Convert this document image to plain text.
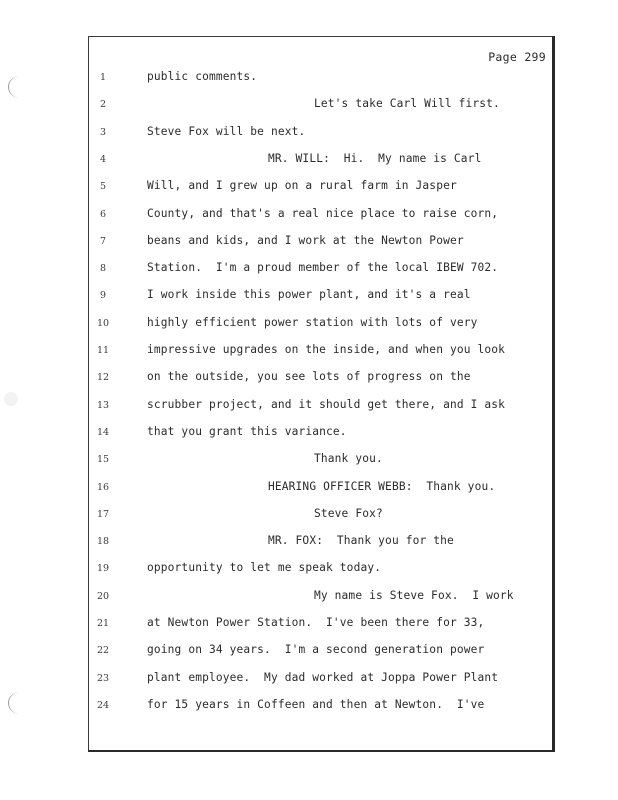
Page 299
1	public comments.
2	Let's take Carl Will first.
3	Steve Fox will be next.
4	MR. WILL:  Hi.  My name is Carl
5	Will, and I grew up on a rural farm in Jasper
6	County, and that's a real nice place to raise corn,
7	beans and kids, and I work at the Newton Power
8	Station.  I'm a proud member of the local IBEW 702.
9	I work inside this power plant, and it's a real
10	highly efficient power station with lots of very
11	impressive upgrades on the inside, and when you look
12	on the outside, you see lots of progress on the
13	scrubber project, and it should get there, and I ask
14	that you grant this variance.
15	Thank you.
16	HEARING OFFICER WEBB:  Thank you.
17	Steve Fox?
18	MR. FOX:  Thank you for the
19	opportunity to let me speak today.
20	My name is Steve Fox.  I work
21	at Newton Power Station.  I've been there for 33,
22	going on 34 years.  I'm a second generation power
23	plant employee.  My dad worked at Joppa Power Plant
24	for 15 years in Coffeen and then at Newton.  I've
